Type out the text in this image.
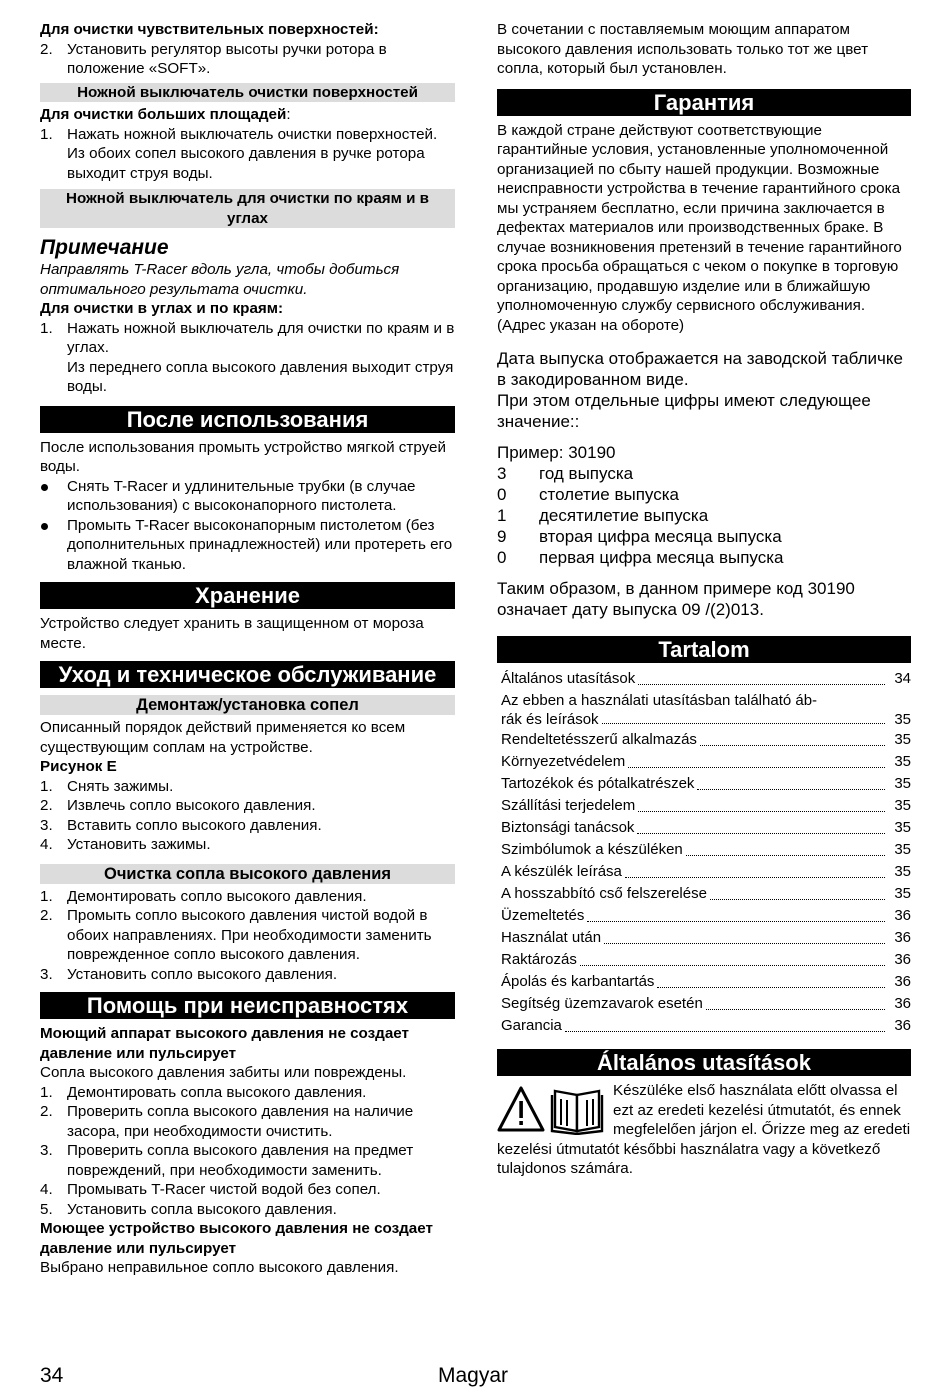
Для очистки чувствительных поверхностей:

2. Установить регулятор высоты ручки ротора в положение «SOFT».
Ножной выключатель очистки поверхностей

Для очистки больших площадей:

1. Нажать ножной выключатель очистки поверхностей.
Из обоих сопел высокого давления в ручке ротора выходит струя воды.
Ножной выключатель для очистки по краям и в углах
Примечание

Направлять T-Racer вдоль угла, чтобы добиться оптимального результата очистки.

Для очистки в углах и по краям:

1. Нажать ножной выключатель для очистки по краям и в углах.
Из переднего сопла высокого давления выходит струя воды.
После использования

После использования промыть устройство мягкой струей воды.

Снять T-Racer и удлинительные трубки (в случае использования) с высоконапорного пистолета.
Промыть T-Racer высоконапорным пистолетом (без дополнительных принадлежностей) или протереть его влажной тканью.
Хранение

Устройство следует хранить в защищенном от мороза месте.

Уход и техническое обслуживание
Демонтаж/установка сопел

Описанный порядок действий применяется ко всем существующим соплам на устройстве.

Рисунок E

1. Снять зажимы.
2. Извлечь сопло высокого давления.
3. Вставить сопло высокого давления.
4. Установить зажимы.
Очистка сопла высокого давления
1. Демонтировать сопло высокого давления.
2. Промыть сопло высокого давления чистой водой в обоих направлениях. При необходимости заменить поврежденное сопло высокого давления.
3. Установить сопло высокого давления.
Помощь при неисправностях

Моющий аппарат высокого давления не создает давление или пульсирует

Сопла высокого давления забиты или повреждены.

1. Демонтировать сопла высокого давления.
2. Проверить сопла высокого давления на наличие засора, при необходимости очистить.
3. Проверить сопла высокого давления на предмет повреждений, при необходимости заменить.
4. Промывать T-Racer чистой водой без сопел.
5. Установить сопла высокого давления.

Моющее устройство высокого давления не создает давление или пульсирует

Выбрано неправильное сопло высокого давления.

В сочетании с поставляемым моющим аппаратом высокого давления использовать только тот же цвет сопла, который был установлен.

Гарантия

В каждой стране действуют соответствующие гарантийные условия, установленные уполномоченной организацией по сбыту нашей продукции. Возможные неисправности устройства в течение гарантийного срока мы устраняем бесплатно, если причина заключается в дефектах материалов или производственных браке. В случае возникновения претензий в течение гарантийного срока просьба обращаться с чеком о покупке в торговую организацию, продавшую изделие или в ближайшую уполномоченную службу сервисного обслуживания.

(Адрес указан на обороте)

Дата выпуска отображается на заводской табличке в закодированном виде.

При этом отдельные цифры имеют следующее значение::

Пример: 30190

3 год выпуска
0 столетие выпуска
1 десятилетие выпуска
9 вторая цифра месяца выпуска
0 первая цифра месяца выпуска

Таким образом, в данном примере код 30190 означает дату выпуска 09 /(2)013.

Tartalom
Általános utasítások	34
Az ebben a használati utasításban található áb-
rák és leírások	35
Rendeltetésszerű alkalmazás	35
Környezetvédelem	35
Tartozékok és pótalkatrészek	35
Szállítási terjedelem	35
Biztonsági tanácsok	35
Szimbólumok a készüléken	35
A készülék leírása	35
A hosszabbító cső felszerelése	35
Üzemeltetés	36
Használat után	36
Raktározás	36
Ápolás és karbantartás	36
Segítség üzemzavarok esetén	36
Garancia	36
Általános utasítások

Készüléke első használata előtt olvassa el ezt az eredeti kezelési útmutatót, és ennek megfelelően járjon el. Őrizze meg az eredeti kezelési útmutatót későbbi használatra vagy a következő tulajdonos számára.

34	Magyar
